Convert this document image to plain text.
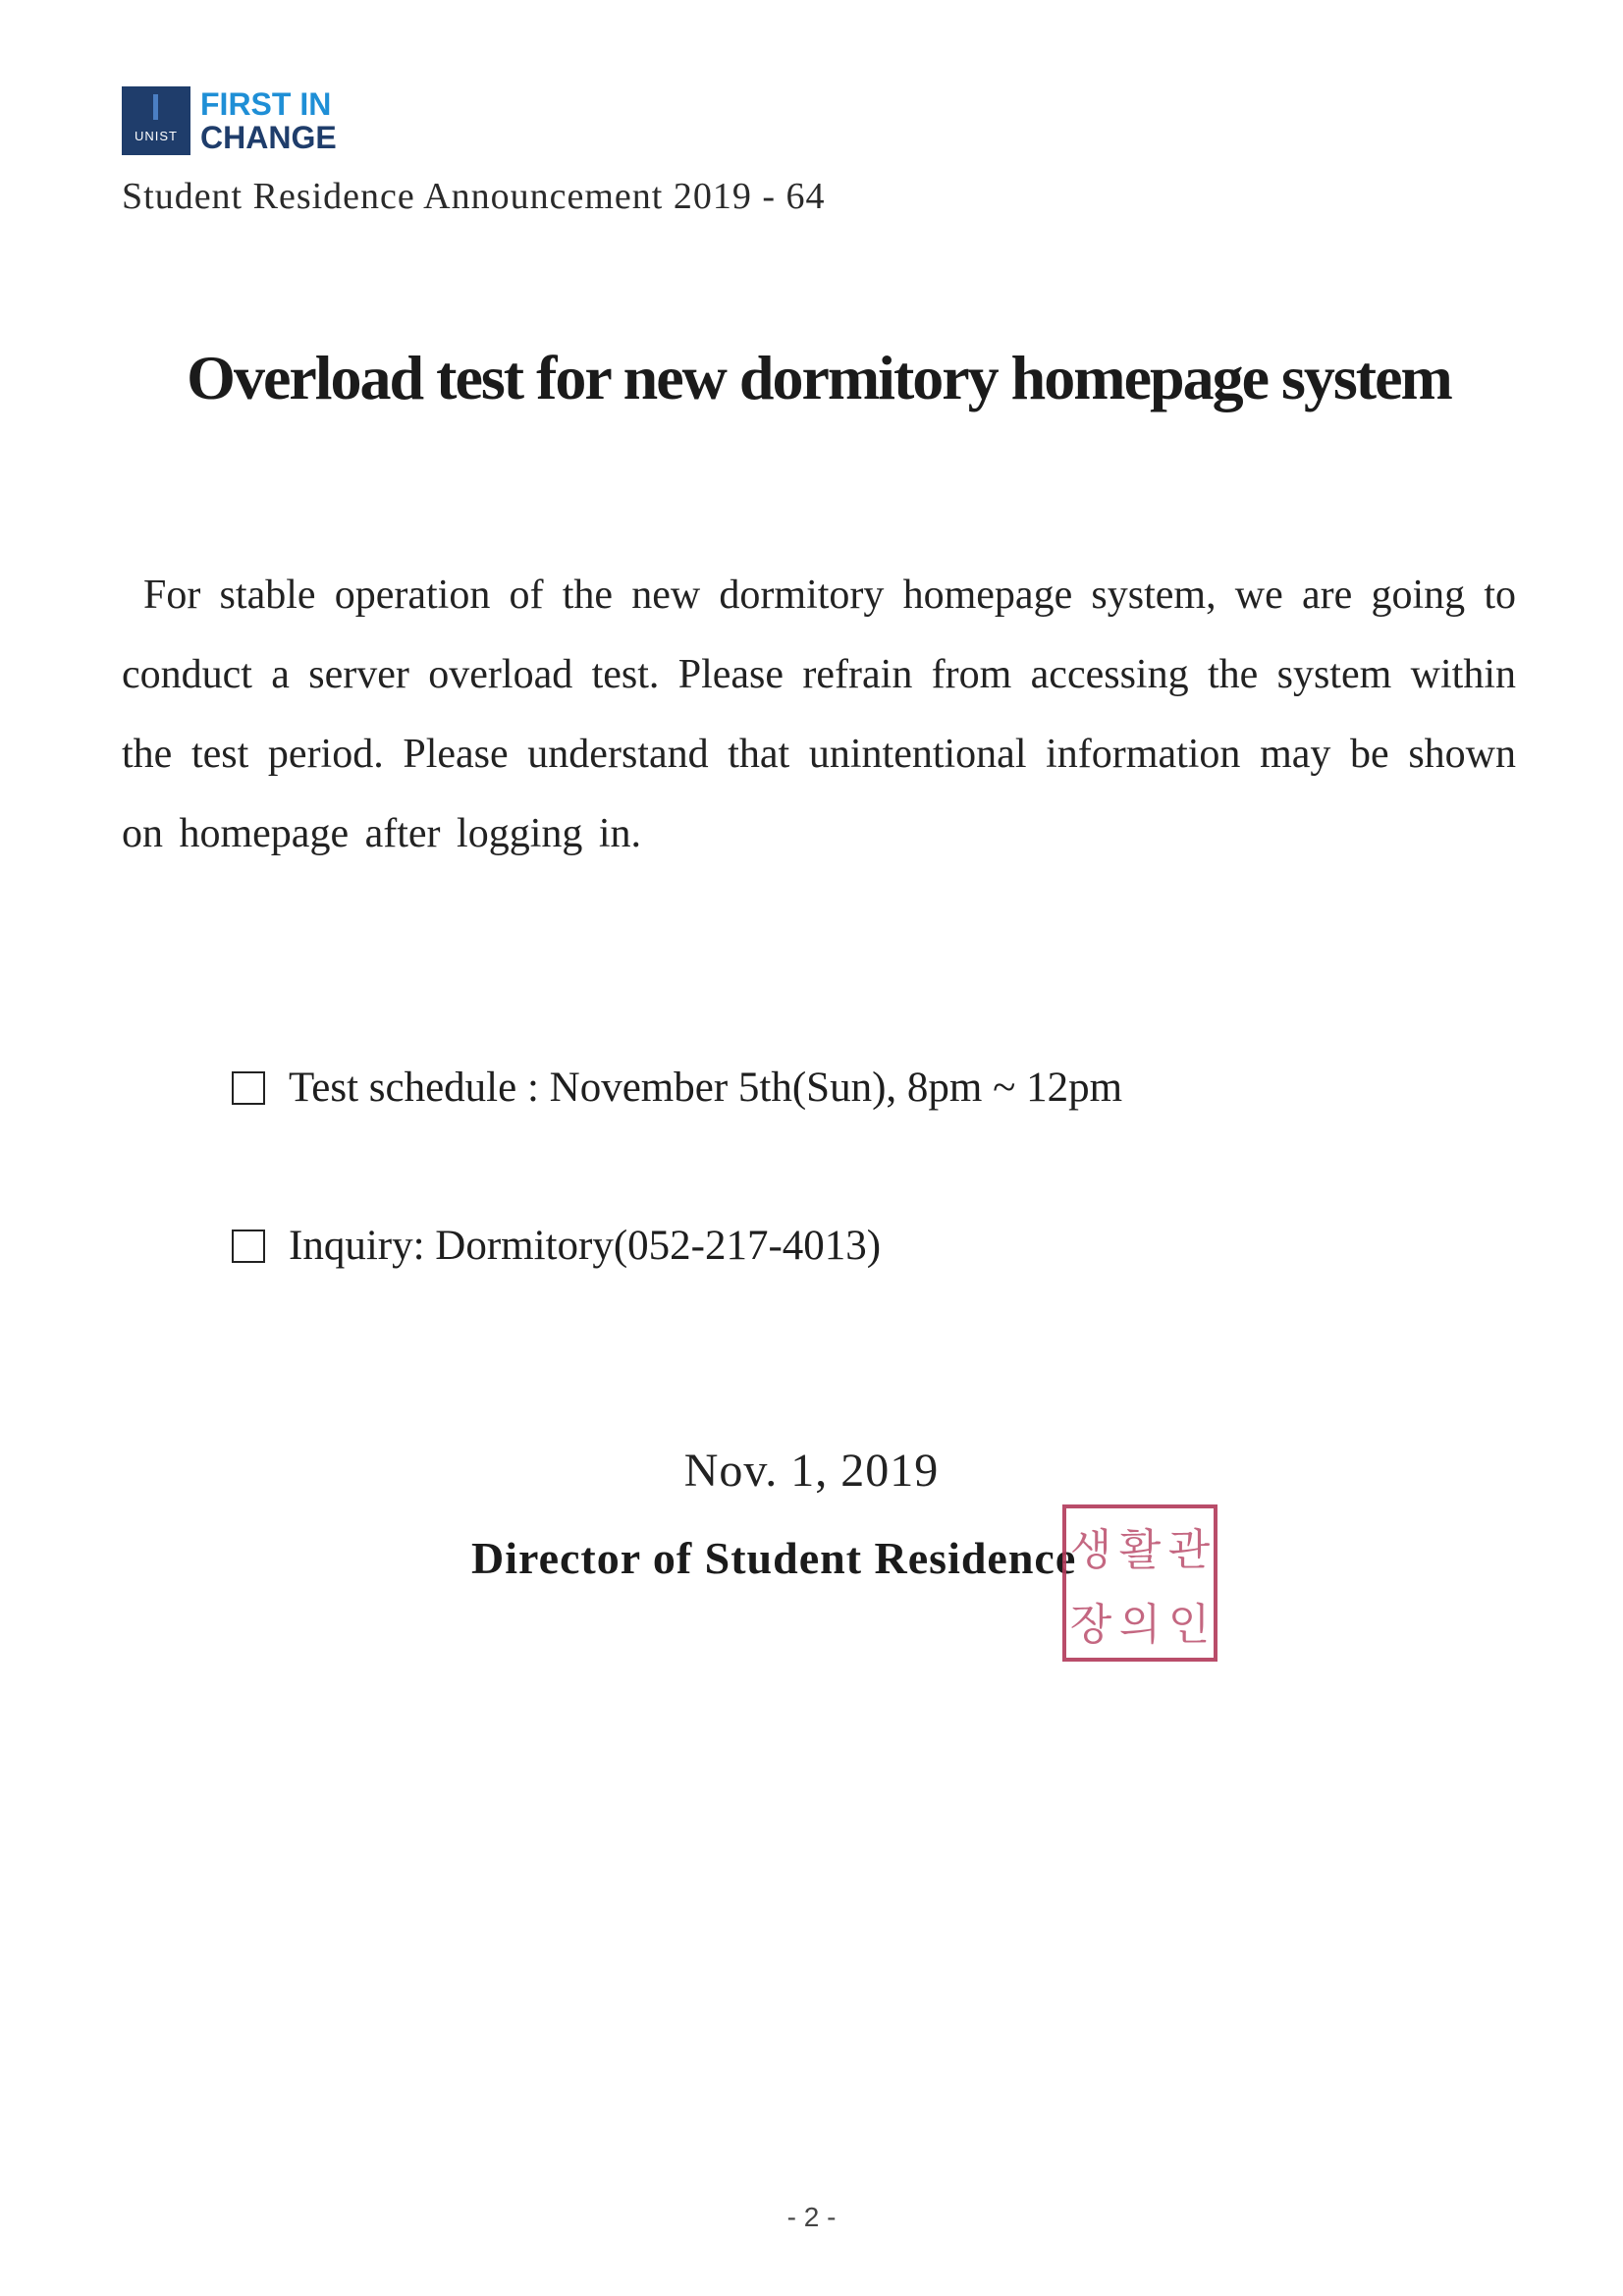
UNIST
FIRST IN
CHANGE
Student Residence Announcement 2019 - 64
Overload test for new dormitory homepage system
For stable operation of the new dormitory homepage system, we are going to conduct a server overload test. Please refrain from accessing the system within the test period. Please understand that unintentional information may be shown on homepage after logging in.
Test schedule : November 5th(Sun), 8pm ~ 12pm
Inquiry: Dormitory(052-217-4013)
Nov. 1, 2019
Director of Student Residence
생 활 관
장 의 인
- 2 -
